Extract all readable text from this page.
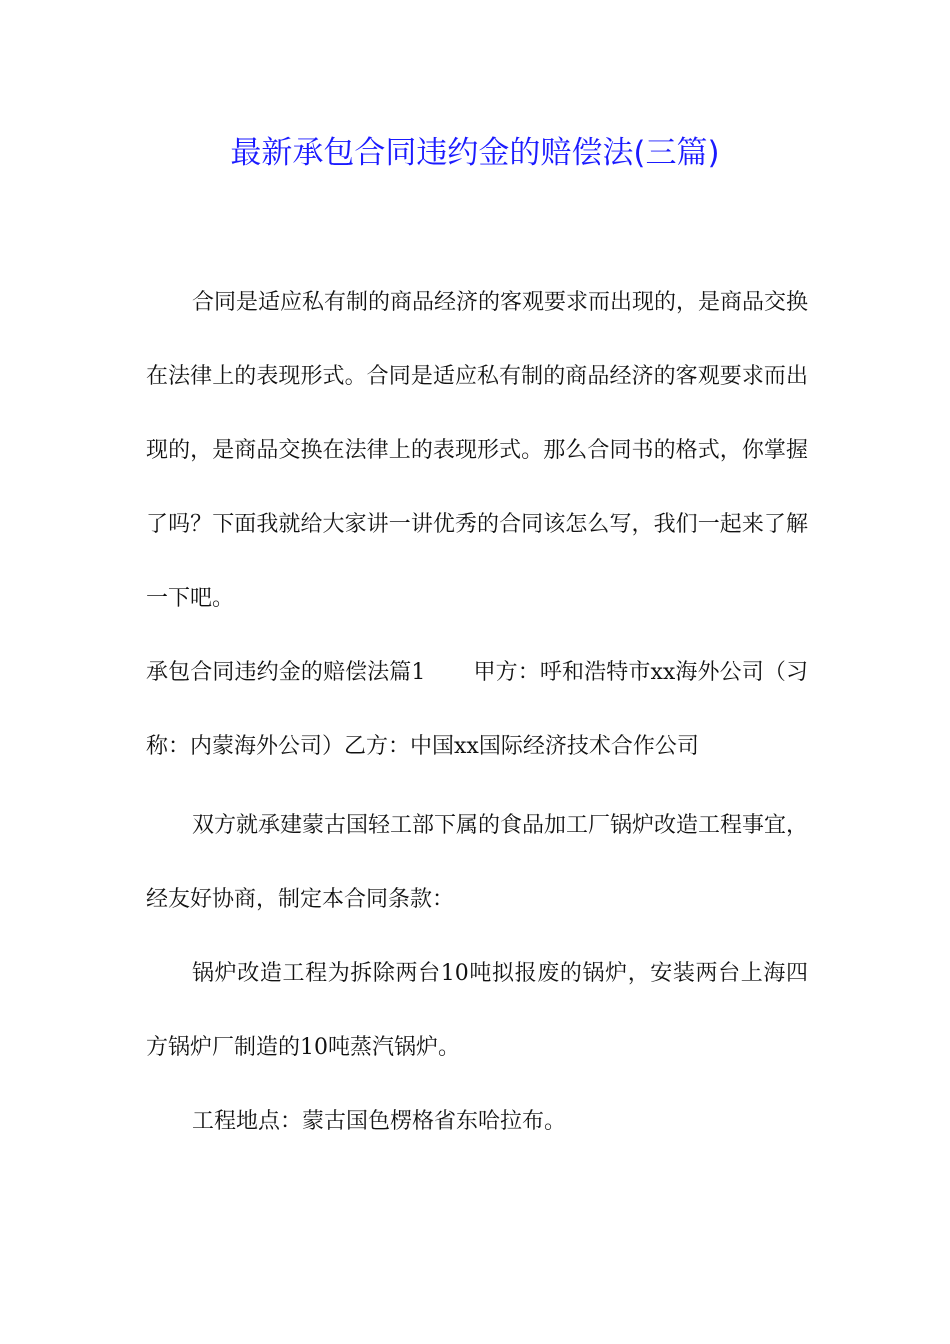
最新承包合同违约金的赔偿法(三篇)

合同是适应私有制的商品经济的客观要求而出现的，是商品交换在法律上的表现形式。合同是适应私有制的商品经济的客观要求而出现的，是商品交换在法律上的表现形式。那么合同书的格式，你掌握了吗？下面我就给大家讲一讲优秀的合同该怎么写，我们一起来了解一下吧。

承包合同违约金的赔偿法篇1 甲方：呼和浩特市xx海外公司（习称：内蒙海外公司）乙方：中国xx国际经济技术合作公司

双方就承建蒙古国轻工部下属的食品加工厂锅炉改造工程事宜，经友好协商，制定本合同条款：

锅炉改造工程为拆除两台10吨拟报废的锅炉，安装两台上海四方锅炉厂制造的10吨蒸汽锅炉。

工程地点：蒙古国色楞格省东哈拉布。
